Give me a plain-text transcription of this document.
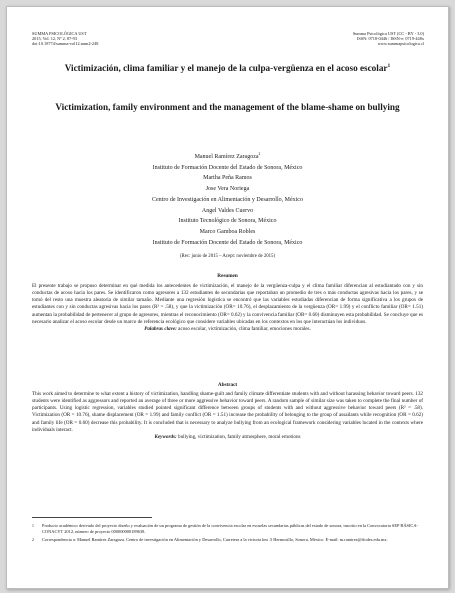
SUMMA PSICOLÓGICA UST
2015, Vol. 12, Nº 2, 87-93
doi:10.18774/summa-vol12.num2-248
Summa Psicológica UST (CC - BY - 3.0)
ISSN: 0718-0446 / ISSN-e: 0719-448x
www.summapsicologica.cl
Victimización, clima familiar y el manejo de la culpa-vergüenza en el acoso escolar$^1$
Victimization, family environment and the management of the blame-shame on bullying
Manuel Ramírez Zaragoza$^2$
Instituto de Formación Docente del Estado de Sonora, México
Martha Peña Ramos
Jose Vera Noriega
Centro de Investigación en Alimentación y Desarrollo, México
Angel Valdes Cuervo
Instituto Tecnológico de Sonora, México
Marco Gamboa Robles
Instituto de Formación Docente del Estado de Sonora, México
(Rec: junio de 2015 – Acept: noviembre de 2015)
Resumen
El presente trabajo se propuso determinar en qué medida los antecedentes de victimización, el manejo de la vergüenza-culpa y el clima familiar diferencian al estudiantado con y sin conductas de acoso hacia los pares. Se identificaron como agresores a 132 estudiantes de secundarias que reportaban un promedio de tres o más conductas agresivas hacia los pares, y se tomó del resto una muestra aleatoria de similar tamaño. Mediante una regresión logística se encontró que las variables estudiadas diferencian de forma significativa a los grupos de estudiantes con y sin conductas agresivas hacia los pares (R² = .58), y que la victimización (OR= 10.76), el desplazamiento de la vergüenza (OR= 1.99) y el conflicto familiar (OR= 1.51) aumentan la probabilidad de pertenecer al grupo de agresores, mientras el reconocimiento (OR= 0.62) y la convivencia familiar (OR= 0.60) disminuyen esta probabilidad. Se concluye que es necesario analizar el acoso escolar desde un marco de referencia ecológico que considere variables ubicadas en los contextos en los que interactúan los individuos.
Palabras clave: acoso escolar, victimización, clima familiar, emociones morales.
Abstract
This work aimed to determine to what extent a history of victimization, handling shame-guilt and family climate differentiate students with and without harassing behavior toward peers. 132 students were identified as aggressors and reported an average of three or more aggressive behavior toward peers. A random sample of similar size was taken to complete the final number of participants. Using logistic regression, variables studied pointed significant difference between groups of students with and without aggressive behavior toward peers (R² = .58). Victimization (OR = 10.76), shame displacement (OR = 1.99) and family conflict (OR = 1.51) increase the probability of belonging to the group of assailants while recognition (OR = 0.62) and family life (OR = 0.60) decrease this probability. It is concluded that is necessary to analyze bullying from an ecological framework considering variables located in the contexts where individuals interact.
Keywords: bullying, victimization, family atmosphere, moral emotions
1	Producto académico derivado del proyecto diseño y evaluación de un programa de gestión de la convivencia escolar en escuelas secundarias públicas del estado de sonora, inscrito en la Convocatoria SEP BÁSICA-CONACYT 2012, número de proyecto 000000000189638.
2	Correspondencia a: Manuel Ramírez Zaragoza. Centro de investigación en Alimentación y Desarrollo, Carretera a la victoria km .5 Hermosillo, Sonora, México. E-mail: m.ramirez@ifodes.edu.mx.
